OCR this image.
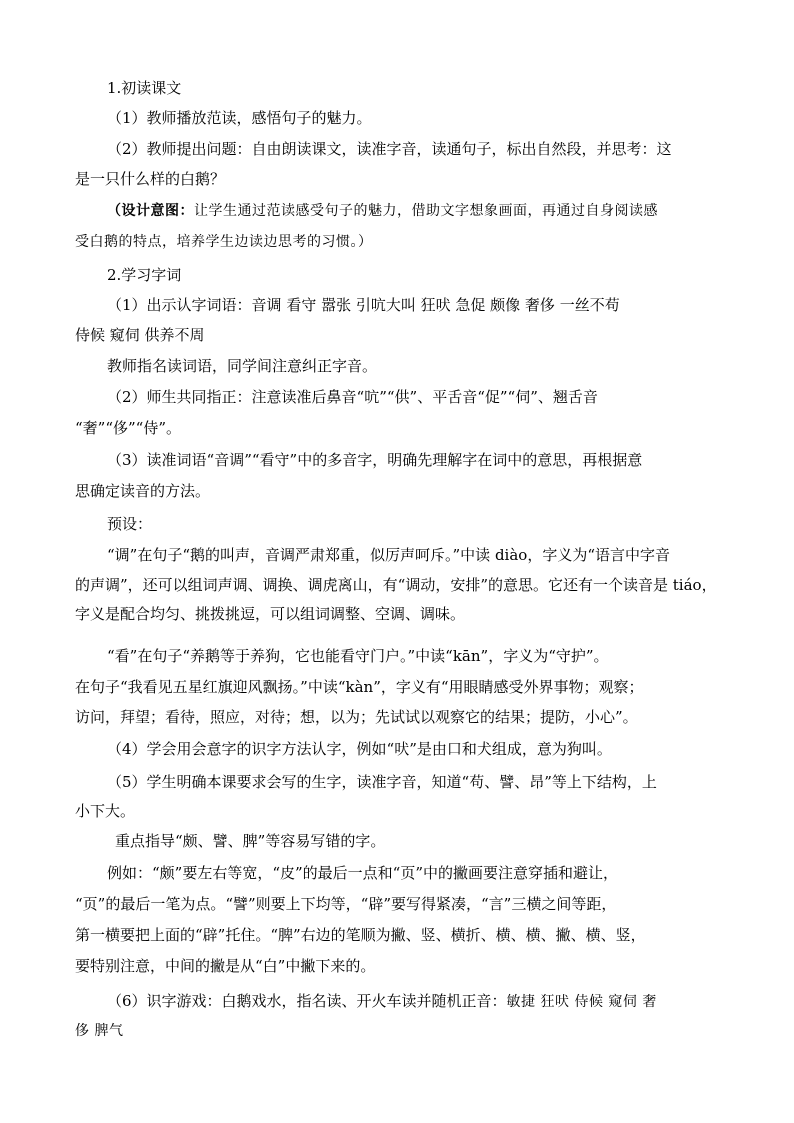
1.初读课文
（1）教师播放范读，感悟句子的魅力。
（2）教师提出问题：自由朗读课文，读准字音，读通句子，标出自然段，并思考：这
是一只什么样的白鹅？
（设计意图：让学生通过范读感受句子的魅力，借助文字想象画面，再通过自身阅读感
受白鹅的特点，培养学生边读边思考的习惯。）
2.学习字词
（1）出示认字词语：音调 看守 嚣张 引吭大叫 狂吠 急促 颇像 奢侈 一丝不苟
侍候 窥伺 供养不周
教师指名读词语，同学间注意纠正字音。
（2）师生共同指正：注意读准后鼻音“吭”“供”、平舌音“促”“伺”、翘舌音
“奢”“侈”“侍”。
（3）读准词语“音调”“看守”中的多音字，明确先理解字在词中的意思，再根据意
思确定读音的方法。
预设：
“调”在句子“鹅的叫声，音调严肃郑重，似厉声呵斥。”中读 diào，字义为“语言中字音
的声调”，还可以组词声调、调换、调虎离山，有“调动，安排”的意思。它还有一个读音是 tiáo，
字义是配合均匀、挑拨挑逗，可以组词调整、空调、调味。
“看”在句子“养鹅等于养狗，它也能看守门户。”中读“kān”，字义为“守护”。
在句子“我看见五星红旗迎风飘扬。”中读“kàn”，字义有“用眼睛感受外界事物；观察；
访问，拜望；看待，照应，对待；想，以为；先试试以观察它的结果；提防，小心”。
（4）学会用会意字的识字方法认字，例如“吠”是由口和犬组成，意为狗叫。
（5）学生明确本课要求会写的生字，读准字音，知道“苟、譬、昂”等上下结构，上
小下大。
重点指导“颇、譬、脾”等容易写错的字。
例如：“颇”要左右等宽，“皮”的最后一点和“页”中的撇画要注意穿插和避让，
“页”的最后一笔为点。“譬”则要上下均等，“辟”要写得紧凑，“言”三横之间等距，
第一横要把上面的“辟”托住。“脾”右边的笔顺为撇、竖、横折、横、横、撇、横、竖，
要特别注意，中间的撇是从“白”中撇下来的。
（6）识字游戏：白鹅戏水，指名读、开火车读并随机正音：敏捷 狂吠 侍候 窥伺 奢
侈 脾气
